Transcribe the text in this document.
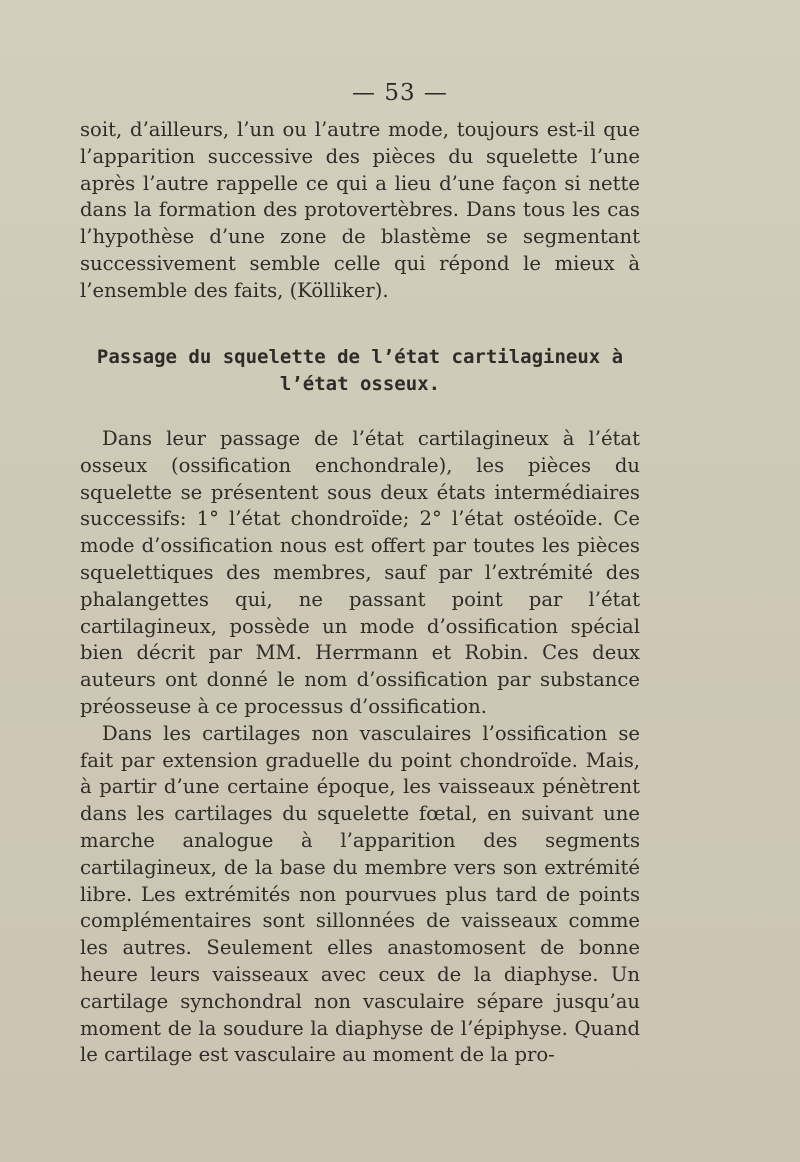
— 53 —

soit, d’ailleurs, l’un ou l’autre mode, toujours est-il que l’apparition successive des pièces du squelette l’une après l’autre rappelle ce qui a lieu d’une façon si nette dans la formation des protovertèbres. Dans tous les cas l’hypothèse d’une zone de blastème se segmentant successivement semble celle qui répond le mieux à l’ensemble des faits, (Kölliker).

Passage du squelette de l’état cartilagineux à l’état osseux.

Dans leur passage de l’état cartilagineux à l’état osseux (ossification enchondrale), les pièces du squelette se présentent sous deux états intermédiaires successifs: 1° l’état chondroïde; 2° l’état ostéoïde. Ce mode d’ossification nous est offert par toutes les pièces squelettiques des membres, sauf par l’extrémité des phalangettes qui, ne passant point par l’état cartilagineux, possède un mode d’ossification spécial bien décrit par MM. Herrmann et Robin. Ces deux auteurs ont donné le nom d’ossification par substance préosseuse à ce processus d’ossification.

Dans les cartilages non vasculaires l’ossification se fait par extension graduelle du point chondroïde. Mais, à partir d’une certaine époque, les vaisseaux pénètrent dans les cartilages du squelette fœtal, en suivant une marche analogue à l’apparition des segments cartilagineux, de la base du membre vers son extrémité libre. Les extrémités non pourvues plus tard de points complémentaires sont sillonnées de vaisseaux comme les autres. Seulement elles anastomosent de bonne heure leurs vaisseaux avec ceux de la diaphyse. Un cartilage synchondral non vasculaire sépare jusqu’au moment de la soudure la diaphyse de l’épiphyse. Quand le cartilage est vasculaire au moment de la pro-
